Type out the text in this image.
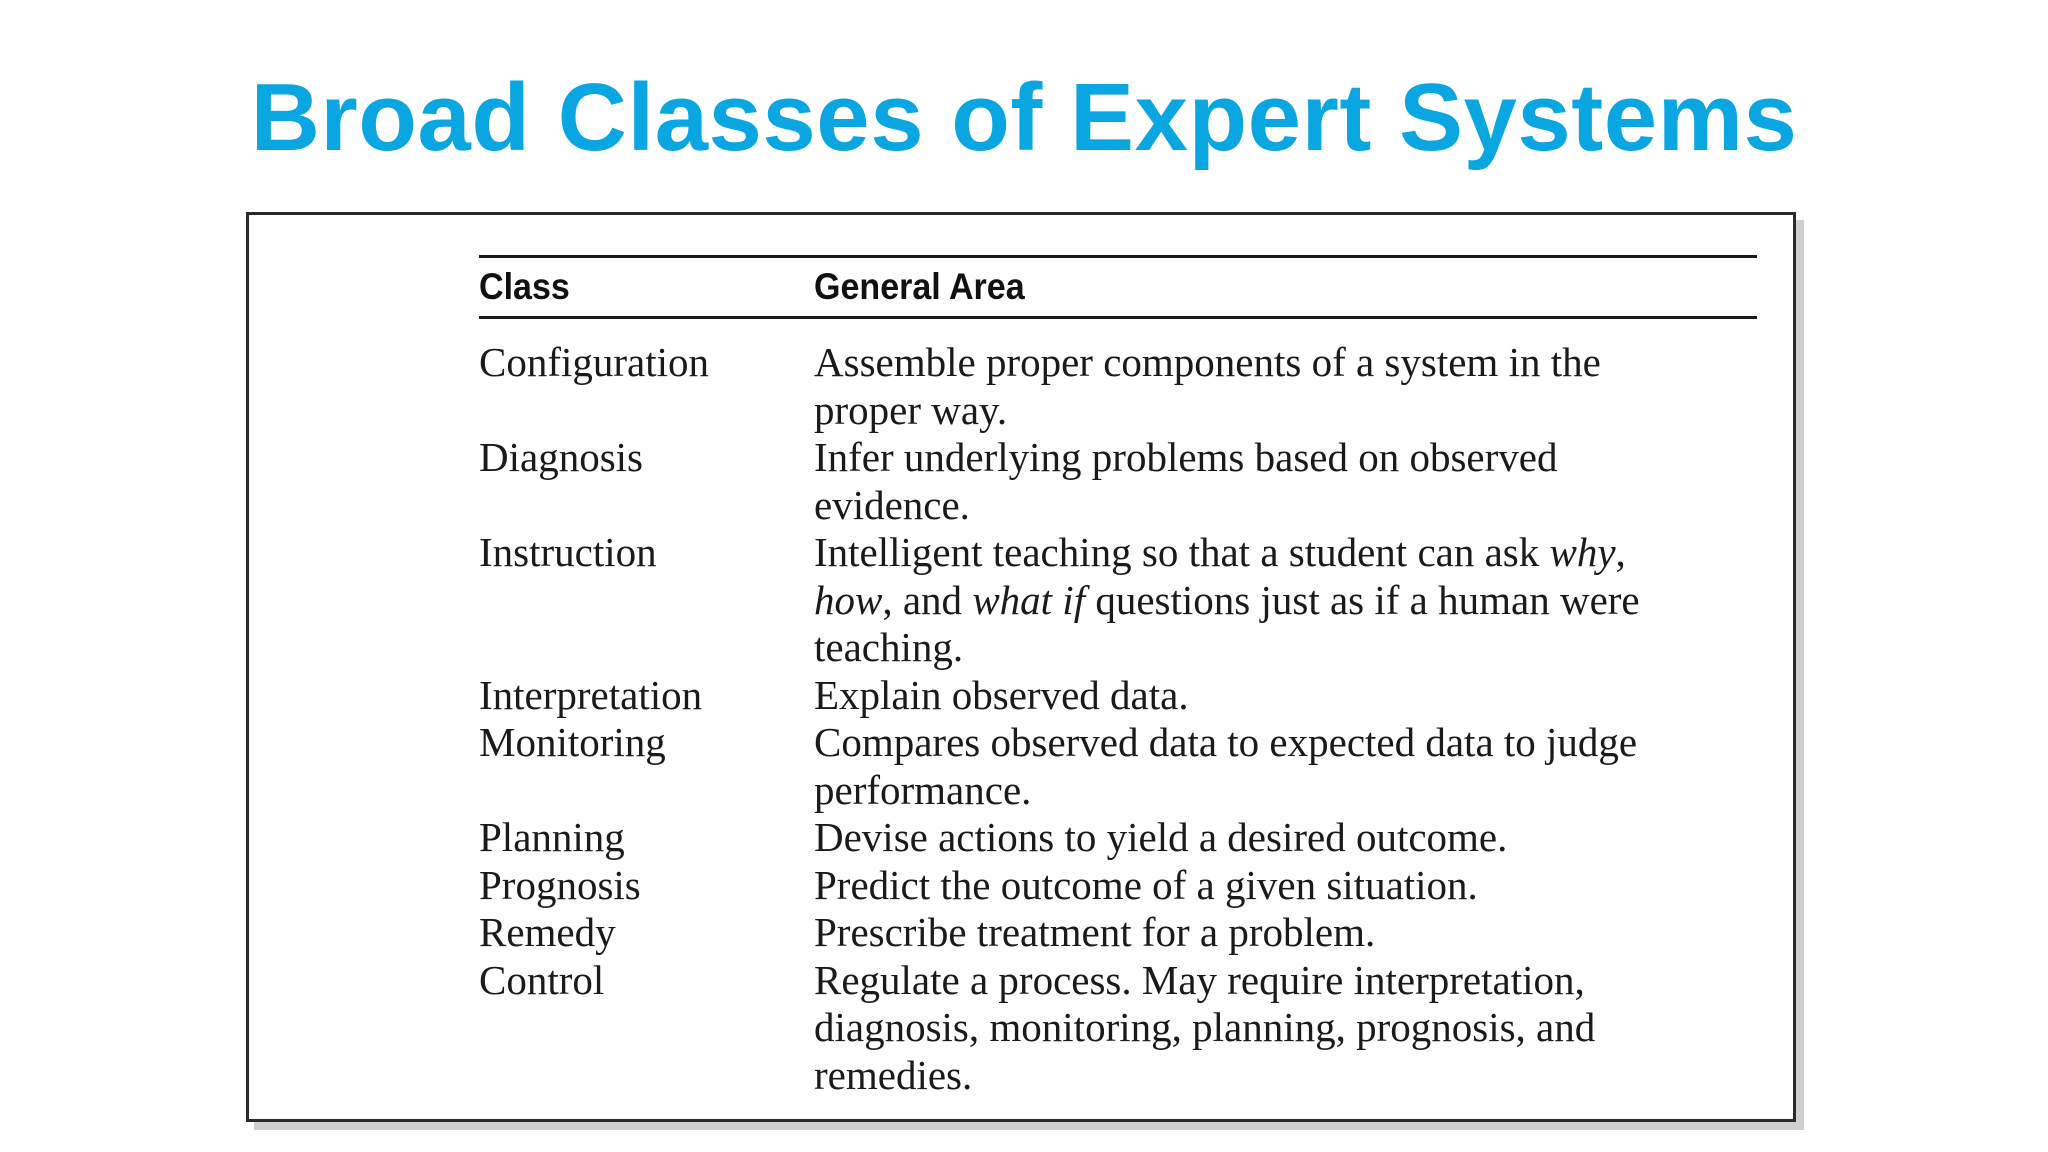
Broad Classes of Expert Systems
Class	General Area
Configuration	Assemble proper components of a system in the
proper way.
Diagnosis	Infer underlying problems based on observed
evidence.
Instruction	Intelligent teaching so that a student can ask why,
how, and what if questions just as if a human were
teaching.
Interpretation	Explain observed data.
Monitoring	Compares observed data to expected data to judge
performance.
Planning	Devise actions to yield a desired outcome.
Prognosis	Predict the outcome of a given situation.
Remedy	Prescribe treatment for a problem.
Control	Regulate a process. May require interpretation,
diagnosis, monitoring, planning, prognosis, and
remedies.
